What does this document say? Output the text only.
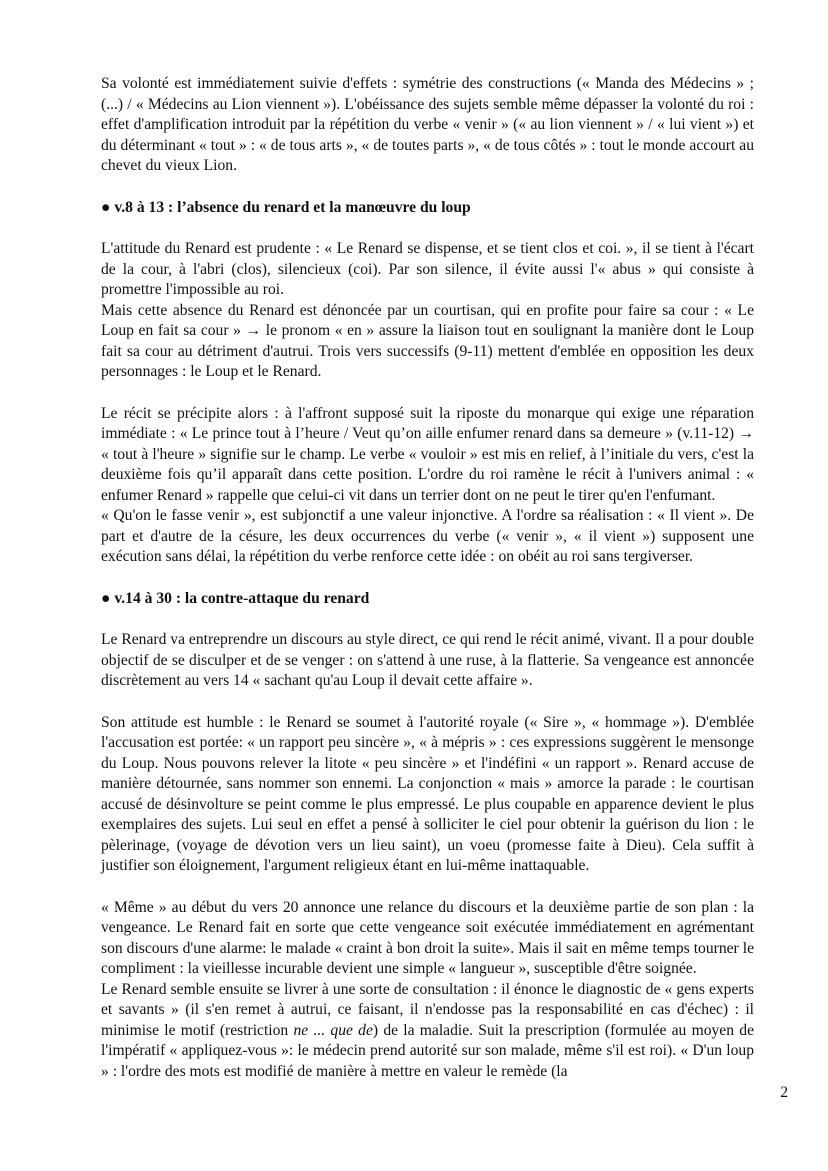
Sa volonté est immédiatement suivie d'effets : symétrie des constructions (« Manda des Médecins » ; (...) / « Médecins au Lion viennent »). L'obéissance des sujets semble même dépasser la volonté du roi : effet d'amplification introduit par la répétition du verbe « venir » (« au lion viennent » / « lui vient ») et du déterminant « tout » : « de tous arts », « de toutes parts », « de tous côtés » : tout le monde accourt au chevet du vieux Lion.

● v.8 à 13 : l’absence du renard et la manœuvre du loup

L'attitude du Renard est prudente : « Le Renard se dispense, et se tient clos et coi. », il se tient à l'écart de la cour, à l'abri (clos), silencieux (coi). Par son silence, il évite aussi l'« abus » qui consiste à promettre l'impossible au roi.

Mais cette absence du Renard est dénoncée par un courtisan, qui en profite pour faire sa cour : « Le Loup en fait sa cour » → le pronom « en » assure la liaison tout en soulignant la manière dont le Loup fait sa cour au détriment d'autrui. Trois vers successifs (9-11) mettent d'emblée en opposition les deux personnages : le Loup et le Renard.

Le récit se précipite alors : à l'affront supposé suit la riposte du monarque qui exige une réparation immédiate : « Le prince tout à l’heure / Veut qu’on aille enfumer renard dans sa demeure » (v.11-12) → « tout à l'heure » signifie sur le champ. Le verbe « vouloir » est mis en relief, à l’initiale du vers, c'est la deuxième fois qu’il apparaît dans cette position. L'ordre du roi ramène le récit à l'univers animal : « enfumer Renard » rappelle que celui-ci vit dans un terrier dont on ne peut le tirer qu'en l'enfumant.

« Qu'on le fasse venir », est subjonctif a une valeur injonctive. A l'ordre sa réalisation : « Il vient ». De part et d'autre de la césure, les deux occurrences du verbe (« venir », « il vient ») supposent une exécution sans délai, la répétition du verbe renforce cette idée : on obéit au roi sans tergiverser.

● v.14 à 30 : la contre-attaque du renard

Le Renard va entreprendre un discours au style direct, ce qui rend le récit animé, vivant. Il a pour double objectif de se disculper et de se venger : on s'attend à une ruse, à la flatterie. Sa vengeance est annoncée discrètement au vers 14 « sachant qu'au Loup il devait cette affaire ».

Son attitude est humble : le Renard se soumet à l'autorité royale (« Sire », « hommage »). D'emblée l'accusation est portée: « un rapport peu sincère », « à mépris » : ces expressions suggèrent le mensonge du Loup. Nous pouvons relever la litote « peu sincère » et l'indéfini « un rapport ». Renard accuse de manière détournée, sans nommer son ennemi. La conjonction « mais » amorce la parade : le courtisan accusé de désinvolture se peint comme le plus empressé. Le plus coupable en apparence devient le plus exemplaires des sujets. Lui seul en effet a pensé à solliciter le ciel pour obtenir la guérison du lion : le pèlerinage, (voyage de dévotion vers un lieu saint), un voeu (promesse faite à Dieu). Cela suffit à justifier son éloignement, l'argument religieux étant en lui-même inattaquable.

« Même » au début du vers 20 annonce une relance du discours et la deuxième partie de son plan : la vengeance. Le Renard fait en sorte que cette vengeance soit exécutée immédiatement en agrémentant son discours d'une alarme: le malade « craint à bon droit la suite». Mais il sait en même temps tourner le compliment : la vieillesse incurable devient une simple « langueur », susceptible d'être soignée.

Le Renard semble ensuite se livrer à une sorte de consultation : il énonce le diagnostic de « gens experts et savants » (il s'en remet à autrui, ce faisant, il n'endosse pas la responsabilité en cas d'échec) : il minimise le motif (restriction ne ... que de) de la maladie. Suit la prescription (formulée au moyen de l'impératif « appliquez-vous »: le médecin prend autorité sur son malade, même s'il est roi). « D'un loup » : l'ordre des mots est modifié de manière à mettre en valeur le remède (la

2
